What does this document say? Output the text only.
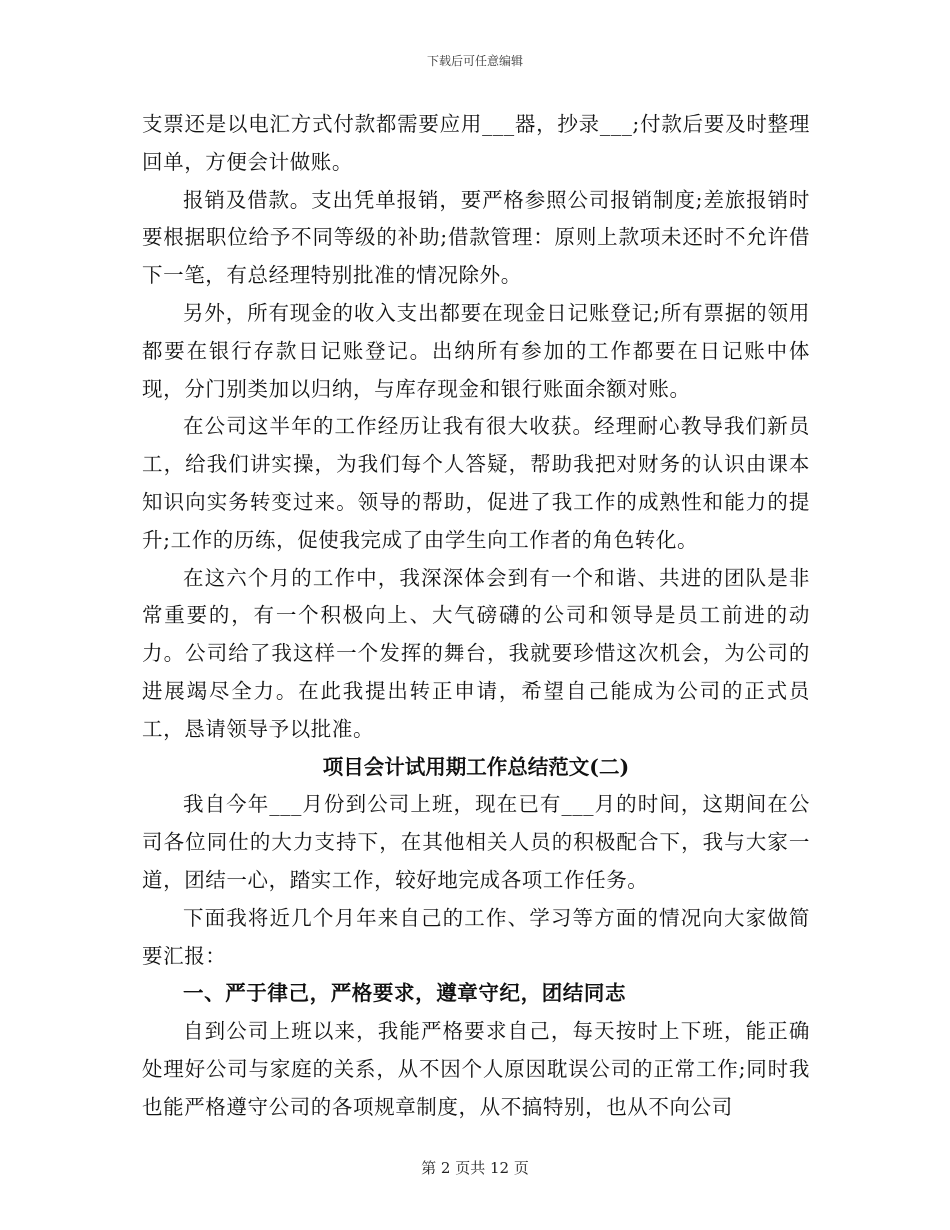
下载后可任意编辑

支票还是以电汇方式付款都需要应用___器，抄录___;付款后要及时整理回单，方便会计做账。

报销及借款。支出凭单报销，要严格参照公司报销制度;差旅报销时要根据职位给予不同等级的补助;借款管理：原则上款项未还时不允许借下一笔，有总经理特别批准的情况除外。

另外，所有现金的收入支出都要在现金日记账登记;所有票据的领用都要在银行存款日记账登记。出纳所有参加的工作都要在日记账中体现，分门别类加以归纳，与库存现金和银行账面余额对账。

在公司这半年的工作经历让我有很大收获。经理耐心教导我们新员工，给我们讲实操，为我们每个人答疑，帮助我把对财务的认识由课本知识向实务转变过来。领导的帮助，促进了我工作的成熟性和能力的提升;工作的历练，促使我完成了由学生向工作者的角色转化。

在这六个月的工作中，我深深体会到有一个和谐、共进的团队是非常重要的，有一个积极向上、大气磅礴的公司和领导是员工前进的动力。公司给了我这样一个发挥的舞台，我就要珍惜这次机会，为公司的进展竭尽全力。在此我提出转正申请，希望自己能成为公司的正式员工，恳请领导予以批准。

项目会计试用期工作总结范文(二)

我自今年___月份到公司上班，现在已有___月的时间，这期间在公司各位同仕的大力支持下，在其他相关人员的积极配合下，我与大家一道，团结一心，踏实工作，较好地完成各项工作任务。

下面我将近几个月年来自己的工作、学习等方面的情况向大家做简要汇报：

一、严于律己，严格要求，遵章守纪，团结同志

自到公司上班以来，我能严格要求自己，每天按时上下班，能正确处理好公司与家庭的关系，从不因个人原因耽误公司的正常工作;同时我也能严格遵守公司的各项规章制度，从不搞特别，也从不向公司

第 2 页共 12 页
